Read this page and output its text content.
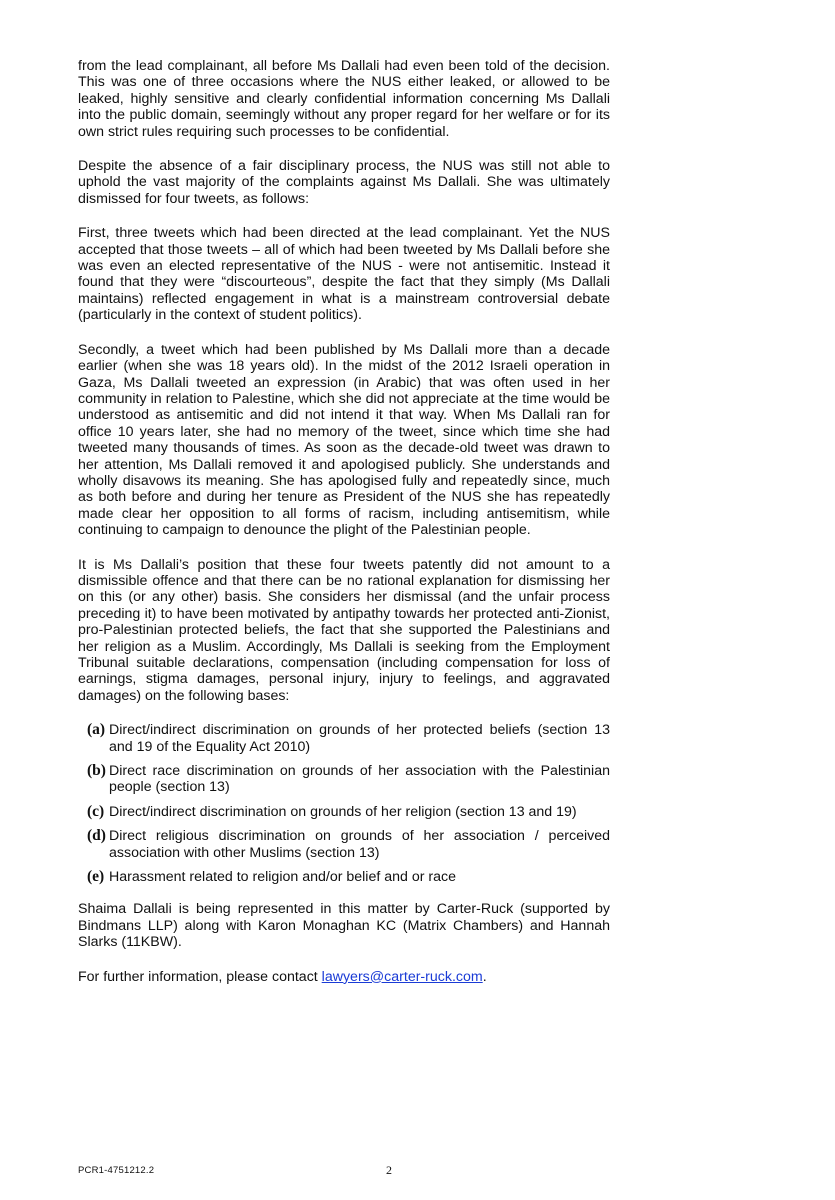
from the lead complainant, all before Ms Dallali had even been told of the decision. This was one of three occasions where the NUS either leaked, or allowed to be leaked, highly sensitive and clearly confidential information concerning Ms Dallali into the public domain, seemingly without any proper regard for her welfare or for its own strict rules requiring such processes to be confidential.

Despite the absence of a fair disciplinary process, the NUS was still not able to uphold the vast majority of the complaints against Ms Dallali. She was ultimately dismissed for four tweets, as follows:

First, three tweets which had been directed at the lead complainant. Yet the NUS accepted that those tweets – all of which had been tweeted by Ms Dallali before she was even an elected representative of the NUS - were not antisemitic. Instead it found that they were “discourteous”, despite the fact that they simply (Ms Dallali maintains) reflected engagement in what is a mainstream controversial debate (particularly in the context of student politics).

Secondly, a tweet which had been published by Ms Dallali more than a decade earlier (when she was 18 years old). In the midst of the 2012 Israeli operation in Gaza, Ms Dallali tweeted an expression (in Arabic) that was often used in her community in relation to Palestine, which she did not appreciate at the time would be understood as antisemitic and did not intend it that way. When Ms Dallali ran for office 10 years later, she had no memory of the tweet, since which time she had tweeted many thousands of times. As soon as the decade-old tweet was drawn to her attention, Ms Dallali removed it and apologised publicly. She understands and wholly disavows its meaning. She has apologised fully and repeatedly since, much as both before and during her tenure as President of the NUS she has repeatedly made clear her opposition to all forms of racism, including antisemitism, while continuing to campaign to denounce the plight of the Palestinian people.

It is Ms Dallali’s position that these four tweets patently did not amount to a dismissible offence and that there can be no rational explanation for dismissing her on this (or any other) basis. She considers her dismissal (and the unfair process preceding it) to have been motivated by antipathy towards her protected anti-Zionist, pro-Palestinian protected beliefs, the fact that she supported the Palestinians and her religion as a Muslim. Accordingly, Ms Dallali is seeking from the Employment Tribunal suitable declarations, compensation (including compensation for loss of earnings, stigma damages, personal injury, injury to feelings, and aggravated damages) on the following bases:

(a) Direct/indirect discrimination on grounds of her protected beliefs (section 13 and 19 of the Equality Act 2010)
(b) Direct race discrimination on grounds of her association with the Palestinian people (section 13)
(c) Direct/indirect discrimination on grounds of her religion (section 13 and 19)
(d) Direct religious discrimination on grounds of her association / perceived association with other Muslims (section 13)
(e) Harassment related to religion and/or belief and or race

Shaima Dallali is being represented in this matter by Carter-Ruck (supported by Bindmans LLP) along with Karon Monaghan KC (Matrix Chambers) and Hannah Slarks (11KBW).

For further information, please contact lawyers@carter-ruck.com.

PCR1-4751212.2	2
